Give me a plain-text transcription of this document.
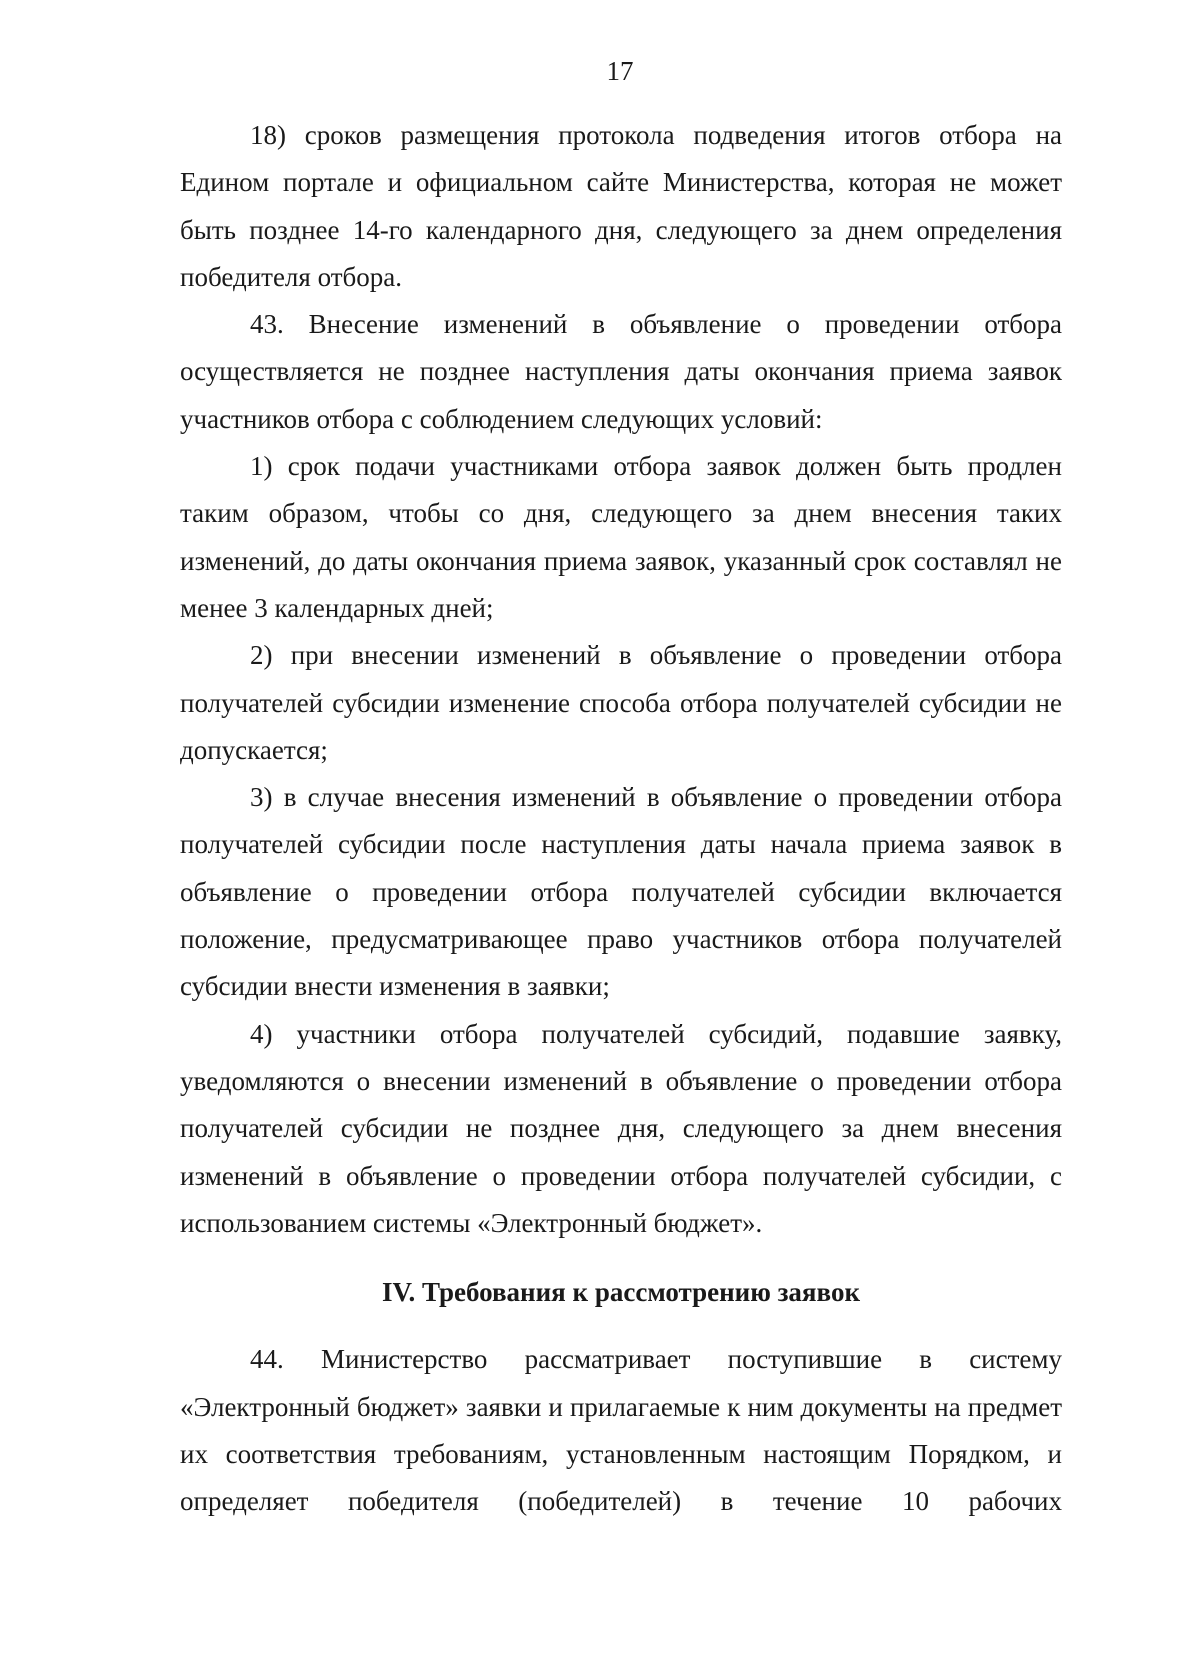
17

18) сроков размещения протокола подведения итогов отбора на Едином портале и официальном сайте Министерства, которая не может быть позднее 14-го календарного дня, следующего за днем определения победителя отбора.

43. Внесение изменений в объявление о проведении отбора осуществляется не позднее наступления даты окончания приема заявок участников отбора с соблюдением следующих условий:

1) срок подачи участниками отбора заявок должен быть продлен таким образом, чтобы со дня, следующего за днем внесения таких изменений, до даты окончания приема заявок, указанный срок составлял не менее 3 календарных дней;

2) при внесении изменений в объявление о проведении отбора получателей субсидии изменение способа отбора получателей субсидии не допускается;

3) в случае внесения изменений в объявление о проведении отбора получателей субсидии после наступления даты начала приема заявок в объявление о проведении отбора получателей субсидии включается положение, предусматривающее право участников отбора получателей субсидии внести изменения в заявки;

4) участники отбора получателей субсидий, подавшие заявку, уведомляются о внесении изменений в объявление о проведении отбора получателей субсидии не позднее дня, следующего за днем внесения изменений в объявление о проведении отбора получателей субсидии, с использованием системы «Электронный бюджет».

IV. Требования к рассмотрению заявок

44. Министерство рассматривает поступившие в систему «Электронный бюджет» заявки и прилагаемые к ним документы на предмет их соответствия требованиям, установленным настоящим Порядком, и определяет победителя (победителей) в течение 10 рабочих
